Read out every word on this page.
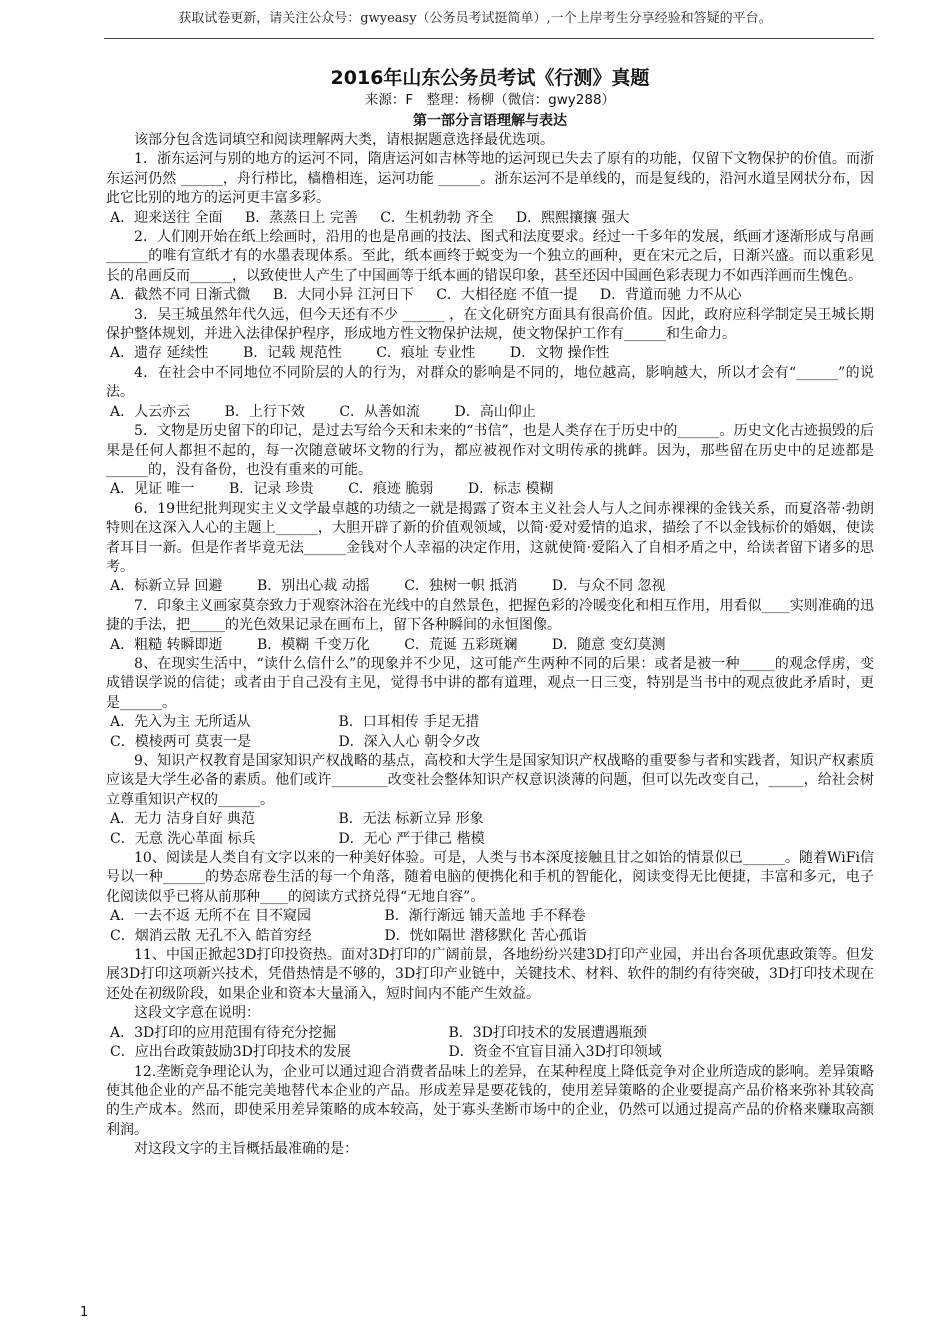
获取试卷更新，请关注公众号：gwyeasy（公务员考试挺简单）,一个上岸考生分享经验和答疑的平台。
2016年山东公务员考试《行测》真题
来源：F　整理：杨柳（微信：gwy288）
第一部分言语理解与表达

该部分包含选词填空和阅读理解两大类，请根据题意选择最优选项。

1．浙东运河与别的地方的运河不同，隋唐运河如吉林等地的运河现已失去了原有的功能，仅留下文物保护的价值。而浙东运河仍然 ______，舟行栉比，樯橹相连，运河功能 ______。浙东运河不是单线的，而是复线的，沿河水道呈网状分布，因此它比别的地方的运河更丰富多彩。

A．迎来送往 全面 B．蒸蒸日上 完善 C．生机勃勃 齐全 D．熙熙攘攘 强大

2．人们刚开始在纸上绘画时，沿用的也是帛画的技法、图式和法度要求。经过一千多年的发展，纸画才逐渐形成与帛画______的唯有宣纸才有的水墨表现体系。至此，纸本画终于蜕变为一个独立的画种，更在宋元之后，日渐兴盛。而以重彩见长的帛画反而______，以致使世人产生了中国画等于纸本画的错误印象，甚至还因中国画色彩表现力不如西洋画而生愧色。

A．截然不同 日渐式微 B．大同小异 江河日下 C．大相径庭 不值一提 D．背道而驰 力不从心

3．吴王城虽然年代久远，但今天还有不少 ______ ，在文化研究方面具有很高价值。因此，政府应科学制定吴王城长期保护整体规划，并进入法律保护程序，形成地方性文物保护法规，使文物保护工作有______和生命力。

A．遗存 延续性 B．记载 规范性 C．痕址 专业性 D．文物 操作性

4．在社会中不同地位不同阶层的人的行为，对群众的影响是不同的，地位越高，影响越大，所以才会有“______”的说法。

A．人云亦云 B．上行下效 C．从善如流 D．高山仰止

5．文物是历史留下的印记，是过去写给今天和未来的“书信”，也是人类存在于历史中的______。历史文化古迹损毁的后果是任何人都担不起的，每一次随意破坏文物的行为，都应被视作对文明传承的挑衅。因为，那些留在历史中的足迹都是______的，没有备份，也没有重来的可能。

A．见证 唯一 B．记录 珍贵 C．痕迹 脆弱 D．标志 模糊

6．19世纪批判现实主义文学最卓越的功绩之一就是揭露了资本主义社会人与人之间赤裸裸的金钱关系，而夏洛蒂·勃朗特则在这深入人心的主题上______，大胆开辟了新的价值观领域，以简·爱对爱情的追求，描绘了不以金钱标价的婚姻，使读者耳目一新。但是作者毕竟无法______金钱对个人幸福的决定作用，这就使简·爱陷入了自相矛盾之中，给读者留下诸多的思考。

A．标新立异 回避 B．别出心裁 动摇 C．独树一帜 抵消 D．与众不同 忽视

7．印象主义画家莫奈致力于观察沐浴在光线中的自然景色，把握色彩的冷暖变化和相互作用，用看似____实则准确的迅捷的手法，把_____的光色效果记录在画布上，留下各种瞬间的永恒图像。

A．粗糙 转瞬即逝 B．模糊 千变万化 C．荒诞 五彩斑斓 D．随意 变幻莫测

8、在现实生活中，“读什么信什么”的现象并不少见，这可能产生两种不同的后果：或者是被一种_____的观念俘虏，变成错误学说的信徒；或者由于自己没有主见，觉得书中讲的都有道理，观点一日三变，特别是当书中的观点彼此矛盾时，更是______。

A．先入为主 无所适从	B．口耳相传 手足无措
C．模棱两可 莫衷一是	D．深入人心 朝令夕改

9、知识产权教育是国家知识产权战略的基点，高校和大学生是国家知识产权战略的重要参与者和实践者，知识产权素质应该是大学生必备的素质。他们或许________改变社会整体知识产权意识淡薄的问题，但可以先改变自己，_____，给社会树立尊重知识产权的______。

A．无力 洁身自好 典范	B．无法 标新立异 形象
C．无意 洗心革面 标兵	D．无心 严于律己 楷模

10、阅读是人类自有文字以来的一种美好体验。可是，人类与书本深度接触且甘之如饴的情景似已______。随着WiFi信号以一种______的势态席卷生活的每一个角落，随着电脑的便携化和手机的智能化，阅读变得无比便捷，丰富和多元，电子化阅读似乎已将从前那种____的阅读方式挤兑得“无地自容”。

A．一去不返 无所不在 目不窥园	B．渐行渐远 铺天盖地 手不释卷
C．烟消云散 无孔不入 皓首穷经	D．恍如隔世 潜移默化 苦心孤诣

11、中国正掀起3D打印投资热。面对3D打印的广阔前景，各地纷纷兴建3D打印产业园，并出台各项优惠政策等。但发展3D打印这项新兴技术，凭借热情是不够的，3D打印产业链中，关键技术、材料、软件的制约有待突破，3D打印技术现在还处在初级阶段，如果企业和资本大量涌入，短时间内不能产生效益。

这段文字意在说明：

A．3D打印的应用范围有待充分挖掘	B．3D打印技术的发展遭遇瓶颈
C．应出台政策鼓励3D打印技术的发展	D．资金不宜盲目涌入3D打印领域

12.垄断竞争理论认为，企业可以通过迎合消费者品味上的差异，在某种程度上降低竞争对企业所造成的影响。差异策略使其他企业的产品不能完美地替代本企业的产品。形成差异是要花钱的，使用差异策略的企业要提高产品价格来弥补其较高的生产成本。然而，即使采用差异策略的成本较高，处于寡头垄断市场中的企业，仍然可以通过提高产品的价格来赚取高额利润。

对这段文字的主旨概括最准确的是：

1
